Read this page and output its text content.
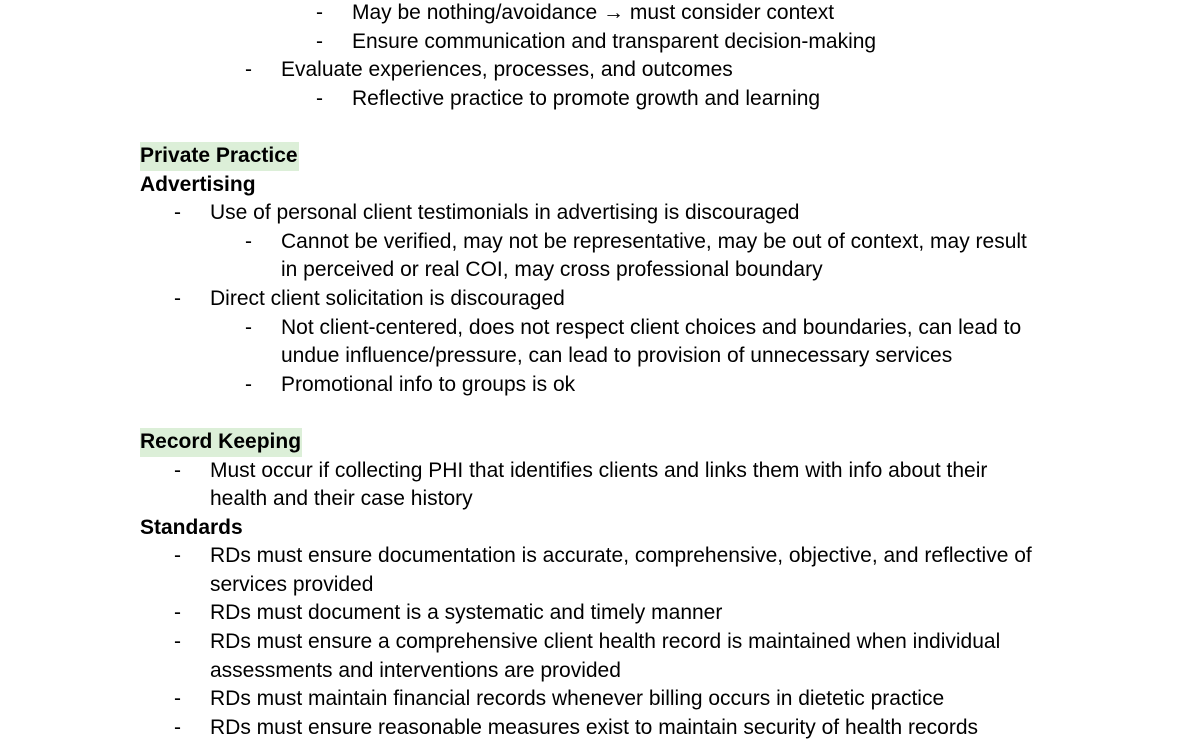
- May be nothing/avoidance → must consider context
- Ensure communication and transparent decision-making
- Evaluate experiences, processes, and outcomes
- Reflective practice to promote growth and learning
Private Practice
Advertising
- Use of personal client testimonials in advertising is discouraged
- Cannot be verified, may not be representative, may be out of context, may result
in perceived or real COI, may cross professional boundary
- Direct client solicitation is discouraged
- Not client-centered, does not respect client choices and boundaries, can lead to
undue influence/pressure, can lead to provision of unnecessary services
- Promotional info to groups is ok
Record Keeping
- Must occur if collecting PHI that identifies clients and links them with info about their
health and their case history
Standards
- RDs must ensure documentation is accurate, comprehensive, objective, and reflective of
services provided
- RDs must document is a systematic and timely manner
- RDs must ensure a comprehensive client health record is maintained when individual
assessments and interventions are provided
- RDs must maintain financial records whenever billing occurs in dietetic practice
- RDs must ensure reasonable measures exist to maintain security of health records
